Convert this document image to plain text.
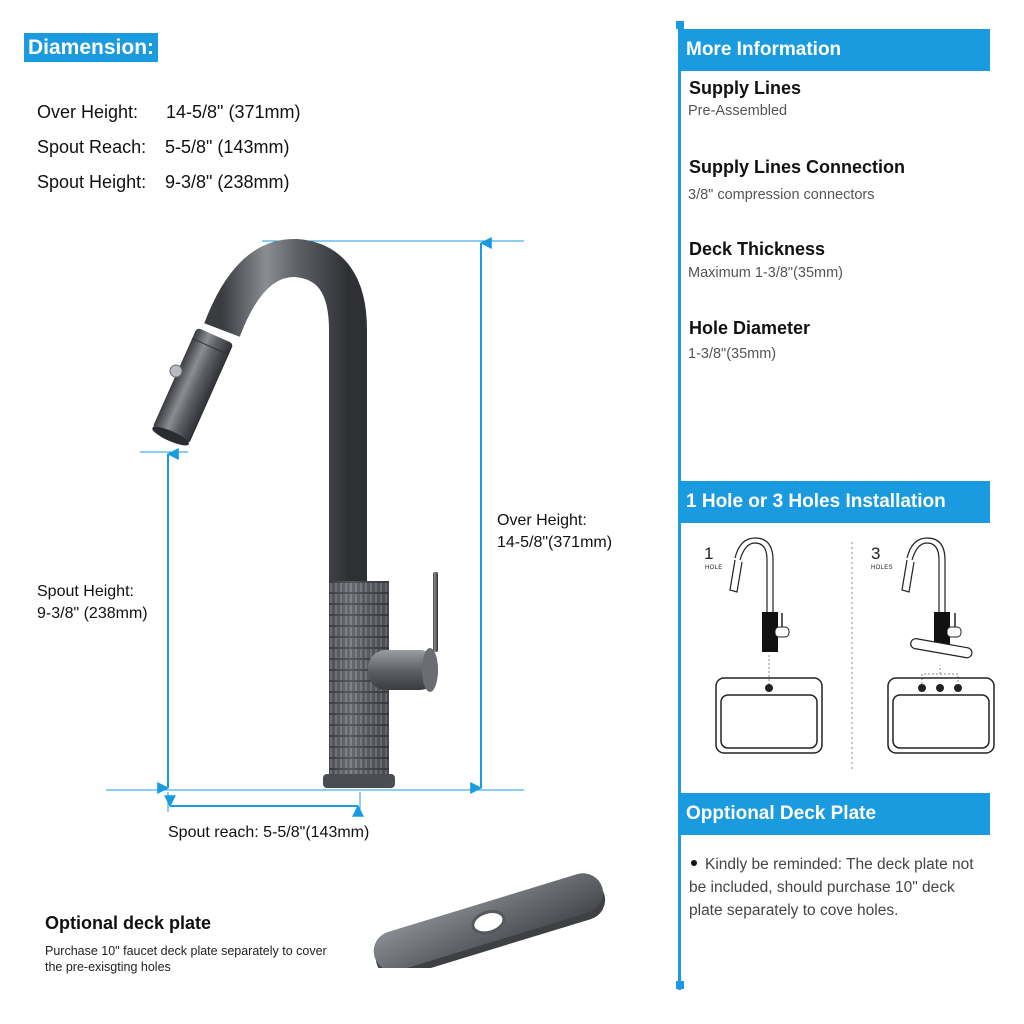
Diamension:

Over Height: 14-5/8" (371mm)

Spout Reach: 5-5/8" (143mm)

Spout Height: 9-3/8" (238mm)

Spout Height:
9-3/8" (238mm)
Over Height:
14-5/8"(371mm)
Spout reach: 5-5/8"(143mm)
Optional deck plate
Purchase 10" faucet deck plate separately to cover the pre-exisgting holes
More Information
Supply Lines
Pre-Assembled
Supply Lines Connection
3/8" compression connectors
Deck Thickness
Maximum 1-3/8"(35mm)
Hole Diameter
1-3/8"(35mm)
1 Hole or 3 Holes Installation
1
HOLE
3
HOLES
Opptional Deck Plate
Kindly be reminded: The deck plate not be included, should purchase 10" deck plate separately to cove holes.
